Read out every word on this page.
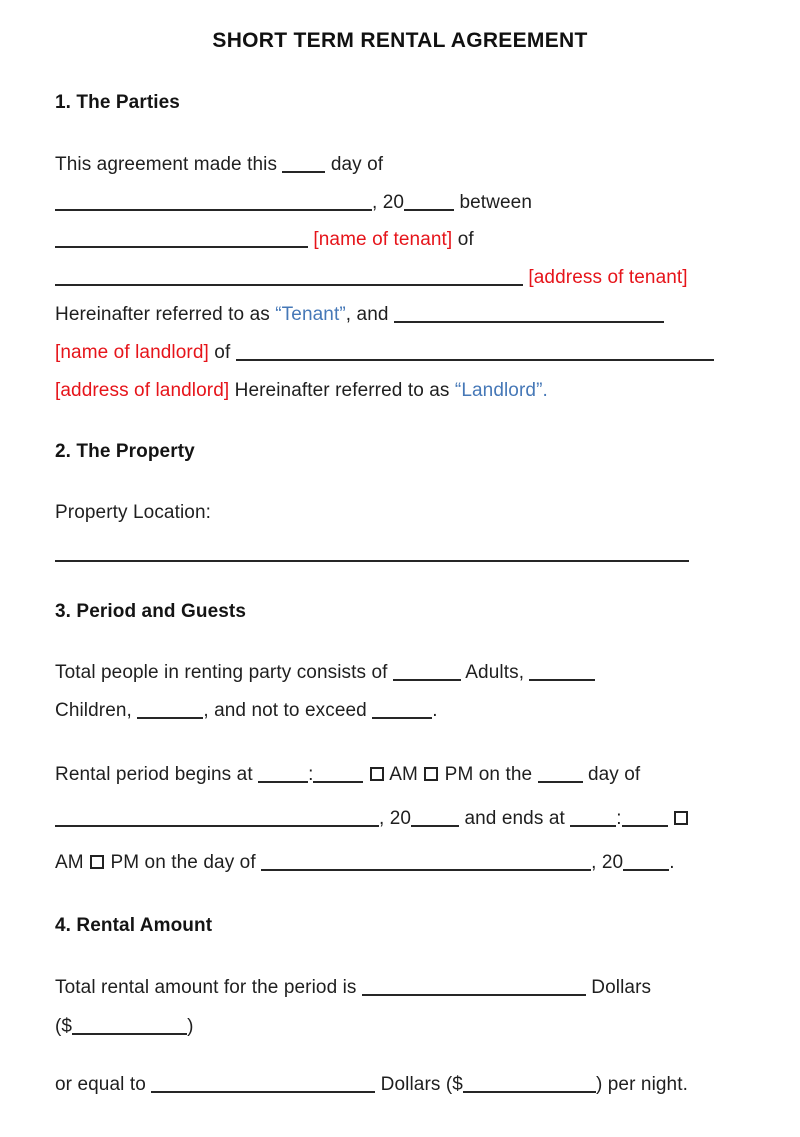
SHORT TERM RENTAL AGREEMENT
1. The Parties
This agreement made this  day of
, 20	between
[name of tenant] of
[address of tenant]
Hereinafter referred to as “Tenant”, and
[name of landlord] of
[address of landlord] Hereinafter referred to as “Landlord”.
2. The Property
Property Location:
3. Period and Guests
Total people in renting party consists of	Adults,
Children,	, and not to exceed	.
Rental period begins at	:	AM  PM on the  day of
, 20	and ends at :
AM  PM on the day of	, 20 .
4. Rental Amount
Total rental amount for the period is	Dollars
($	)
or equal to	Dollars ($	) per night.
